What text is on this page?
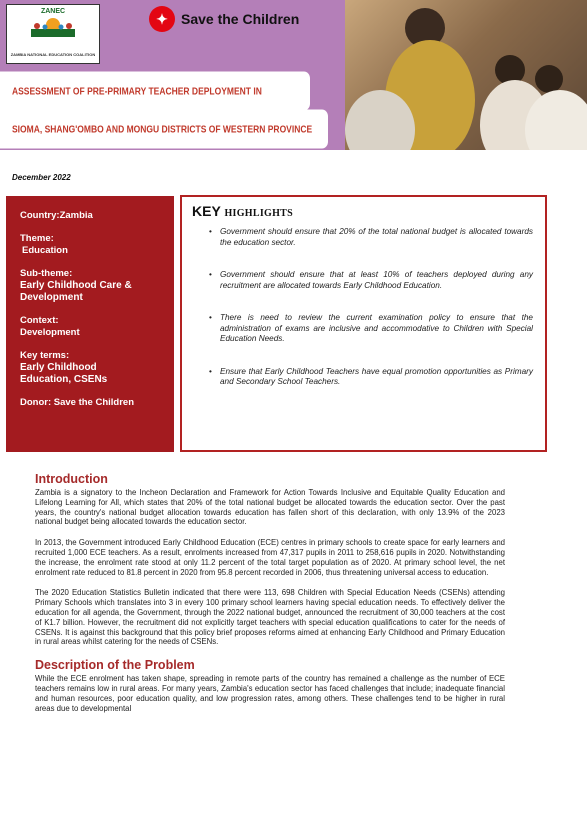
ZANEC
ZAMBIA NATIONAL EDUCATION COALITION
✦ Save the Children
ASSESSMENT OF PRE-PRIMARY TEACHER DEPLOYMENT IN
SIOMA, SHANG'OMBO AND MONGU DISTRICTS OF WESTERN PROVINCE
December 2022
Country:Zambia
Theme:
Education
Sub-theme:
Early Childhood Care &
Development
Context:
Development
Key terms:
Early Childhood
Education, CSENs
Donor: Save the Children
KEY HIGHLIGHTS
• Government should ensure that 20% of the total national budget is allocated towards the education sector.
• Government should ensure that at least 10% of teachers deployed during any recruitment are allocated towards Early Childhood Education.
• There is need to review the current examination policy to ensure that the administration of exams are inclusive and accommodative to Children with Special Education Needs.
• Ensure that Early Childhood Teachers have equal promotion opportunities as Primary and Secondary School Teachers.
Introduction

Zambia is a signatory to the Incheon Declaration and Framework for Action Towards Inclusive and Equitable Quality Education and Lifelong Learning for All, which states that 20% of the total national budget be allocated towards the education sector. Over the past years, the country's national budget allocation towards education has fallen short of this declaration, with only 13.9% of the 2023 national budget being allocated towards the education sector.

In 2013, the Government introduced Early Childhood Education (ECE) centres in primary schools to create space for early learners and recruited 1,000 ECE teachers. As a result, enrolments increased from 47,317 pupils in 2011 to 258,616 pupils in 2020. Notwithstanding the increase, the enrolment rate stood at only 11.2 percent of the total target population as of 2020. At primary school level, the net enrolment rate reduced to 81.8 percent in 2020 from 95.8 percent recorded in 2006, thus threatening universal access to education.

The 2020 Education Statistics Bulletin indicated that there were 113, 698 Children with Special Education Needs (CSENs) attending Primary Schools which translates into 3 in every 100 primary school learners having special education needs. To effectively deliver the education for all agenda, the Government, through the 2022 national budget, announced the recruitment of 30,000 teachers at the cost of K1.7 billion. However, the recruitment did not explicitly target teachers with special education qualifications to cater for the needs of CSENs. It is against this background that this policy brief proposes reforms aimed at enhancing Early Childhood and Primary Education in rural areas whilst catering for the needs of CSENs.

Description of the Problem

While the ECE enrolment has taken shape, spreading in remote parts of the country has remained a challenge as the number of ECE teachers remains low in rural areas. For many years, Zambia's education sector has faced challenges that include; inadequate financial and human resources, poor education quality, and low progression rates, among others. These challenges tend to be higher in rural areas due to developmental
